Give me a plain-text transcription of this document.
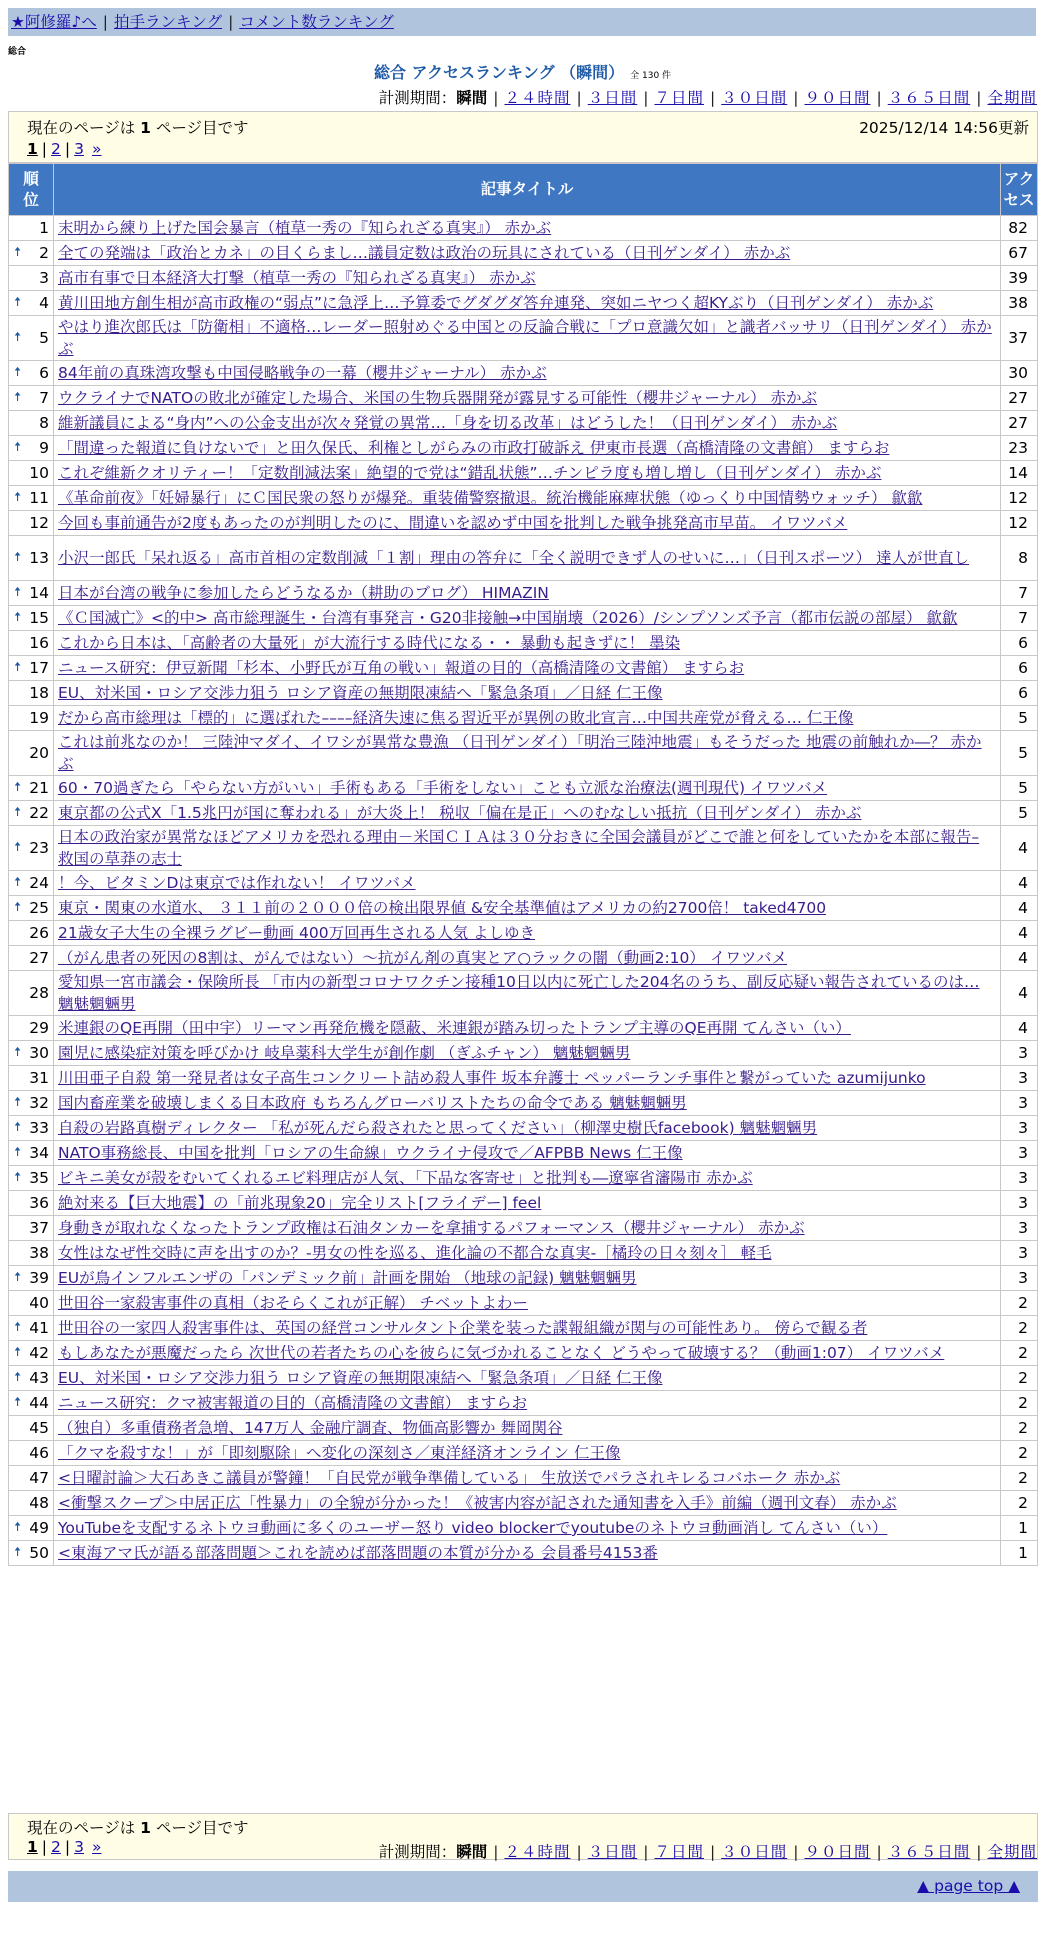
★阿修羅♪へ | 拍手ランキング | コメント数ランキング
総合
総合 アクセスランキング （瞬間） 全 130 件
計測期間：瞬間 | ２４時間 | ３日間 | ７日間 | ３０日間 | ９０日間 | ３６５日間 | 全期間
現在のページは 1 ページ目です	2025/12/14 14:56更新
1 | 2 | 3 »
順位	記事タイトル	アクセス
1	末明から練り上げた国会暴言（植草一秀の『知られざる真実』） 赤かぶ	82

🠅 2	全ての発端は「政治とカネ」の目くらまし…議員定数は政治の玩具にされている（日刊ゲンダイ） 赤かぶ	67
3	高市有事で日本経済大打撃（植草一秀の『知られざる真実』） 赤かぶ	39

🠅 4	黄川田地方創生相が高市政権の“弱点”に急浮上…予算委でグダグダ答弁連発、突如ニヤつく超KYぶり（日刊ゲンダイ） 赤かぶ	38

🠅 5	やはり進次郎氏は「防衛相」不適格…レーダー照射めぐる中国との反論合戦に「プロ意識欠如」と識者バッサリ（日刊ゲンダイ） 赤かぶ	37

🠅 6	84年前の真珠湾攻撃も中国侵略戦争の一幕（櫻井ジャーナル） 赤かぶ	30

🠅 7	ウクライナでNATOの敗北が確定した場合、米国の生物兵器開発が露見する可能性（櫻井ジャーナル） 赤かぶ	27
8	維新議員による“身内”への公金支出が次々発覚の異常…「身を切る改革」はどうした！（日刊ゲンダイ） 赤かぶ	27

🠅 9	「間違った報道に負けないで」と田久保氏、利権としがらみの市政打破訴え 伊東市長選（高橋清隆の文書館） ますらお	23
10	これぞ維新クオリティー！「定数削減法案」絶望的で党は“錯乱状態”…チンピラ度も増し増し（日刊ゲンダイ） 赤かぶ	14

🠅 11	《革命前夜》「妊婦暴行」にＣ国民衆の怒りが爆発。重装備警察撤退。統治機能麻痺状態（ゆっくり中国情勢ウォッチ） 歙歙	12
12	今回も事前通告が2度もあったのが判明したのに、間違いを認めず中国を批判した戦争挑発高市早苗。 イワツバメ	12

🠅 13	小沢一郎氏「呆れ返る」高市首相の定数削減「１割」理由の答弁に「全く説明できず人のせいに…」（日刊スポーツ） 達人が世直し	8

🠅 14	日本が台湾の戦争に参加したらどうなるか（耕助のブログ） HIMAZIN	7

🠅 15	《Ｃ国滅亡》<的中> 高市総理誕生・台湾有事発言・G20非接触→中国崩壊（2026）/シンプソンズ予言（都市伝説の部屋） 歙歙	7
16	これから日本は、「高齢者の大量死」が大流行する時代になる・・ 暴動も起きずに！ 墨染	6

🠅 17	ニュース研究：伊豆新聞「杉本、小野氏が互角の戦い」報道の目的（高橋清隆の文書館） ますらお	6
18	EU、対米国・ロシア交渉力狙う ロシア資産の無期限凍結へ「緊急条項」／日経 仁王像	6
19	だから高市総理は「標的」に選ばれた––––経済失速に焦る習近平が異例の敗北宣言…中国共産党が脅える… 仁王像	5
20	これは前兆なのか！ 三陸沖マダイ、イワシが異常な豊漁 （日刊ゲンダイ）「明治三陸沖地震」もそうだった 地震の前触れか―？ 赤かぶ	5

🠅 21	60・70過ぎたら「やらない方がいい」手術もある「手術をしない」ことも立派な治療法(週刊現代) イワツバメ	5

🠅 22	東京都の公式X「1.5兆円が国に奪われる」が大炎上！ 税収「偏在是正」へのむなしい抵抗（日刊ゲンダイ） 赤かぶ	5

🠅 23	日本の政治家が異常なほどアメリカを恐れる理由－米国ＣＩＡは３０分おきに全国会議員がどこで誰と何をしていたかを本部に報告– 救国の草莽の志士	4

🠅 24	！今、ビタミンDは東京では作れない！ イワツバメ	4

🠅 25	東京・関東の水道水、 ３１１前の２０００倍の検出限界値 &安全基準値はアメリカの約2700倍！ taked4700	4
26	21歳女子大生の全裸ラグビー動画 400万回再生される人気 よしゆき	4
27	（がん患者の死因の8割は、がんではない）～抗がん剤の真実とア○ラックの闇（動画2:10） イワツバメ	4
28	愛知県一宮市議会・保険所長 「市内の新型コロナワクチン接種10日以内に死亡した204名のうち、副反応疑い報告されているのは… 魑魅魍魎男	4
29	米連銀のQE再開（田中宇）リーマン再発危機を隠蔽、米連銀が踏み切ったトランプ主導のQE再開 てんさい（い）	4

🠅 30	園児に感染症対策を呼びかけ 岐阜薬科大学生が創作劇 （ぎふチャン） 魑魅魍魎男	3
31	川田亜子自殺 第一発見者は女子高生コンクリート詰め殺人事件 坂本弁護士 ペッパーランチ事件と繋がっていた azumijunko	3

🠅 32	国内畜産業を破壊しまくる日本政府 もちろんグローバリストたちの命令である 魑魅魍魎男	3

🠅 33	自殺の岩路真樹ディレクター 「私が死んだら殺されたと思ってください」（柳澤史樹氏facebook) 魑魅魍魎男	3

🠅 34	NATO事務総長、中国を批判「ロシアの生命線」ウクライナ侵攻で／AFPBB News 仁王像	3

🠅 35	ビキニ美女が殻をむいてくれるエビ料理店が人気、「下品な客寄せ」と批判も―遼寧省瀋陽市 赤かぶ	3
36	絶対来る【巨大地震】の「前兆現象20」完全リスト[フライデー] feel	3
37	身動きが取れなくなったトランプ政権は石油タンカーを拿捕するパフォーマンス（櫻井ジャーナル） 赤かぶ	3
38	女性はなぜ性交時に声を出すのか？-男女の性を巡る、進化論の不都合な真実-［橘玲の日々刻々］ 軽毛	3

🠅 39	EUが鳥インフルエンザの「パンデミック前」計画を開始 （地球の記録) 魑魅魍魎男	3
40	世田谷一家殺害事件の真相（おそらくこれが正解） チベットよわー	2

🠅 41	世田谷の一家四人殺害事件は、英国の経営コンサルタント企業を装った諜報組織が関与の可能性あり。 傍らで観る者	2

🠅 42	もしあなたが悪魔だったら 次世代の若者たちの心を彼らに気づかれることなく どうやって破壊する？（動画1:07） イワツバメ	2

🠅 43	EU、対米国・ロシア交渉力狙う ロシア資産の無期限凍結へ「緊急条項」／日経 仁王像	2

🠅 44	ニュース研究：クマ被害報道の目的（高橋清隆の文書館） ますらお	2
45	（独自）多重債務者急増、147万人 金融庁調査、物価高影響か 舞岡関谷	2
46	「クマを殺すな！」が「即刻駆除」へ変化の深刻さ／東洋経済オンライン 仁王像	2
47	<日曜討論＞大石あきこ議員が警鐘！「自民党が戦争準備している」 生放送でパラされキレるコバホーク 赤かぶ	2
48	<衝撃スクープ＞中居正広「性暴力」の全貌が分かった！《被害内容が記された通知書を入手》前編（週刊文春） 赤かぶ	2

🠅 49	YouTubeを支配するネトウヨ動画に多くのユーザー怒り video blockerでyoutubeのネトウヨ動画消し てんさい（い）	1

🠅 50	<東海アマ氏が語る部落問題＞これを読めば部落問題の本質が分かる 会員番号4153番	1
現在のページは 1 ページ目です
1 | 2 | 3 »	計測期間：瞬間 | ２４時間 | ３日間 | ７日間 | ３０日間 | ９０日間 | ３６５日間 | 全期間
▲ page top ▲
